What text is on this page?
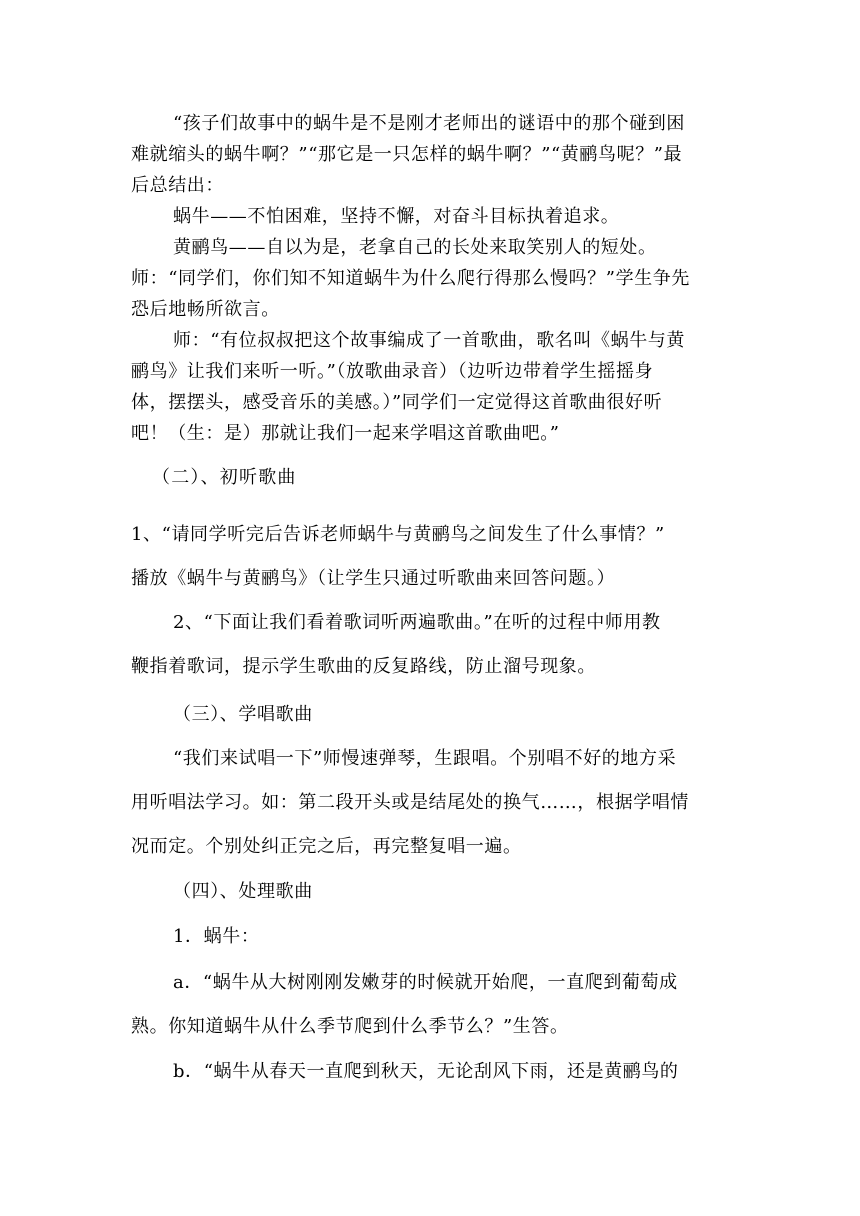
“孩子们故事中的蜗牛是不是刚才老师出的谜语中的那个碰到困
难就缩头的蜗牛啊？”“那它是一只怎样的蜗牛啊？”“黄鹂鸟呢？”最
后总结出：
蜗牛——不怕困难，坚持不懈，对奋斗目标执着追求。
黄鹂鸟——自以为是，老拿自己的长处来取笑别人的短处。
师：“同学们，你们知不知道蜗牛为什么爬行得那么慢吗？”学生争先
恐后地畅所欲言。
师：“有位叔叔把这个故事编成了一首歌曲，歌名叫《蜗牛与黄
鹂鸟》让我们来听一听。”（放歌曲录音）（边听边带着学生摇摇身
体，摆摆头，感受音乐的美感。）”同学们一定觉得这首歌曲很好听
吧！（生：是）那就让我们一起来学唱这首歌曲吧。”
（二）、初听歌曲
1、“请同学听完后告诉老师蜗牛与黄鹂鸟之间发生了什么事情？”
播放《蜗牛与黄鹂鸟》（让学生只通过听歌曲来回答问题。）
2、“下面让我们看着歌词听两遍歌曲。”在听的过程中师用教
鞭指着歌词，提示学生歌曲的反复路线，防止溜号现象。
（三）、学唱歌曲
“我们来试唱一下”师慢速弹琴，生跟唱。个别唱不好的地方采
用听唱法学习。如：第二段开头或是结尾处的换气……，根据学唱情
况而定。个别处纠正完之后，再完整复唱一遍。
（四）、处理歌曲
1．蜗牛：
a．“蜗牛从大树刚刚发嫩芽的时候就开始爬，一直爬到葡萄成
熟。你知道蜗牛从什么季节爬到什么季节么？”生答。
b．“蜗牛从春天一直爬到秋天，无论刮风下雨，还是黄鹂鸟的
